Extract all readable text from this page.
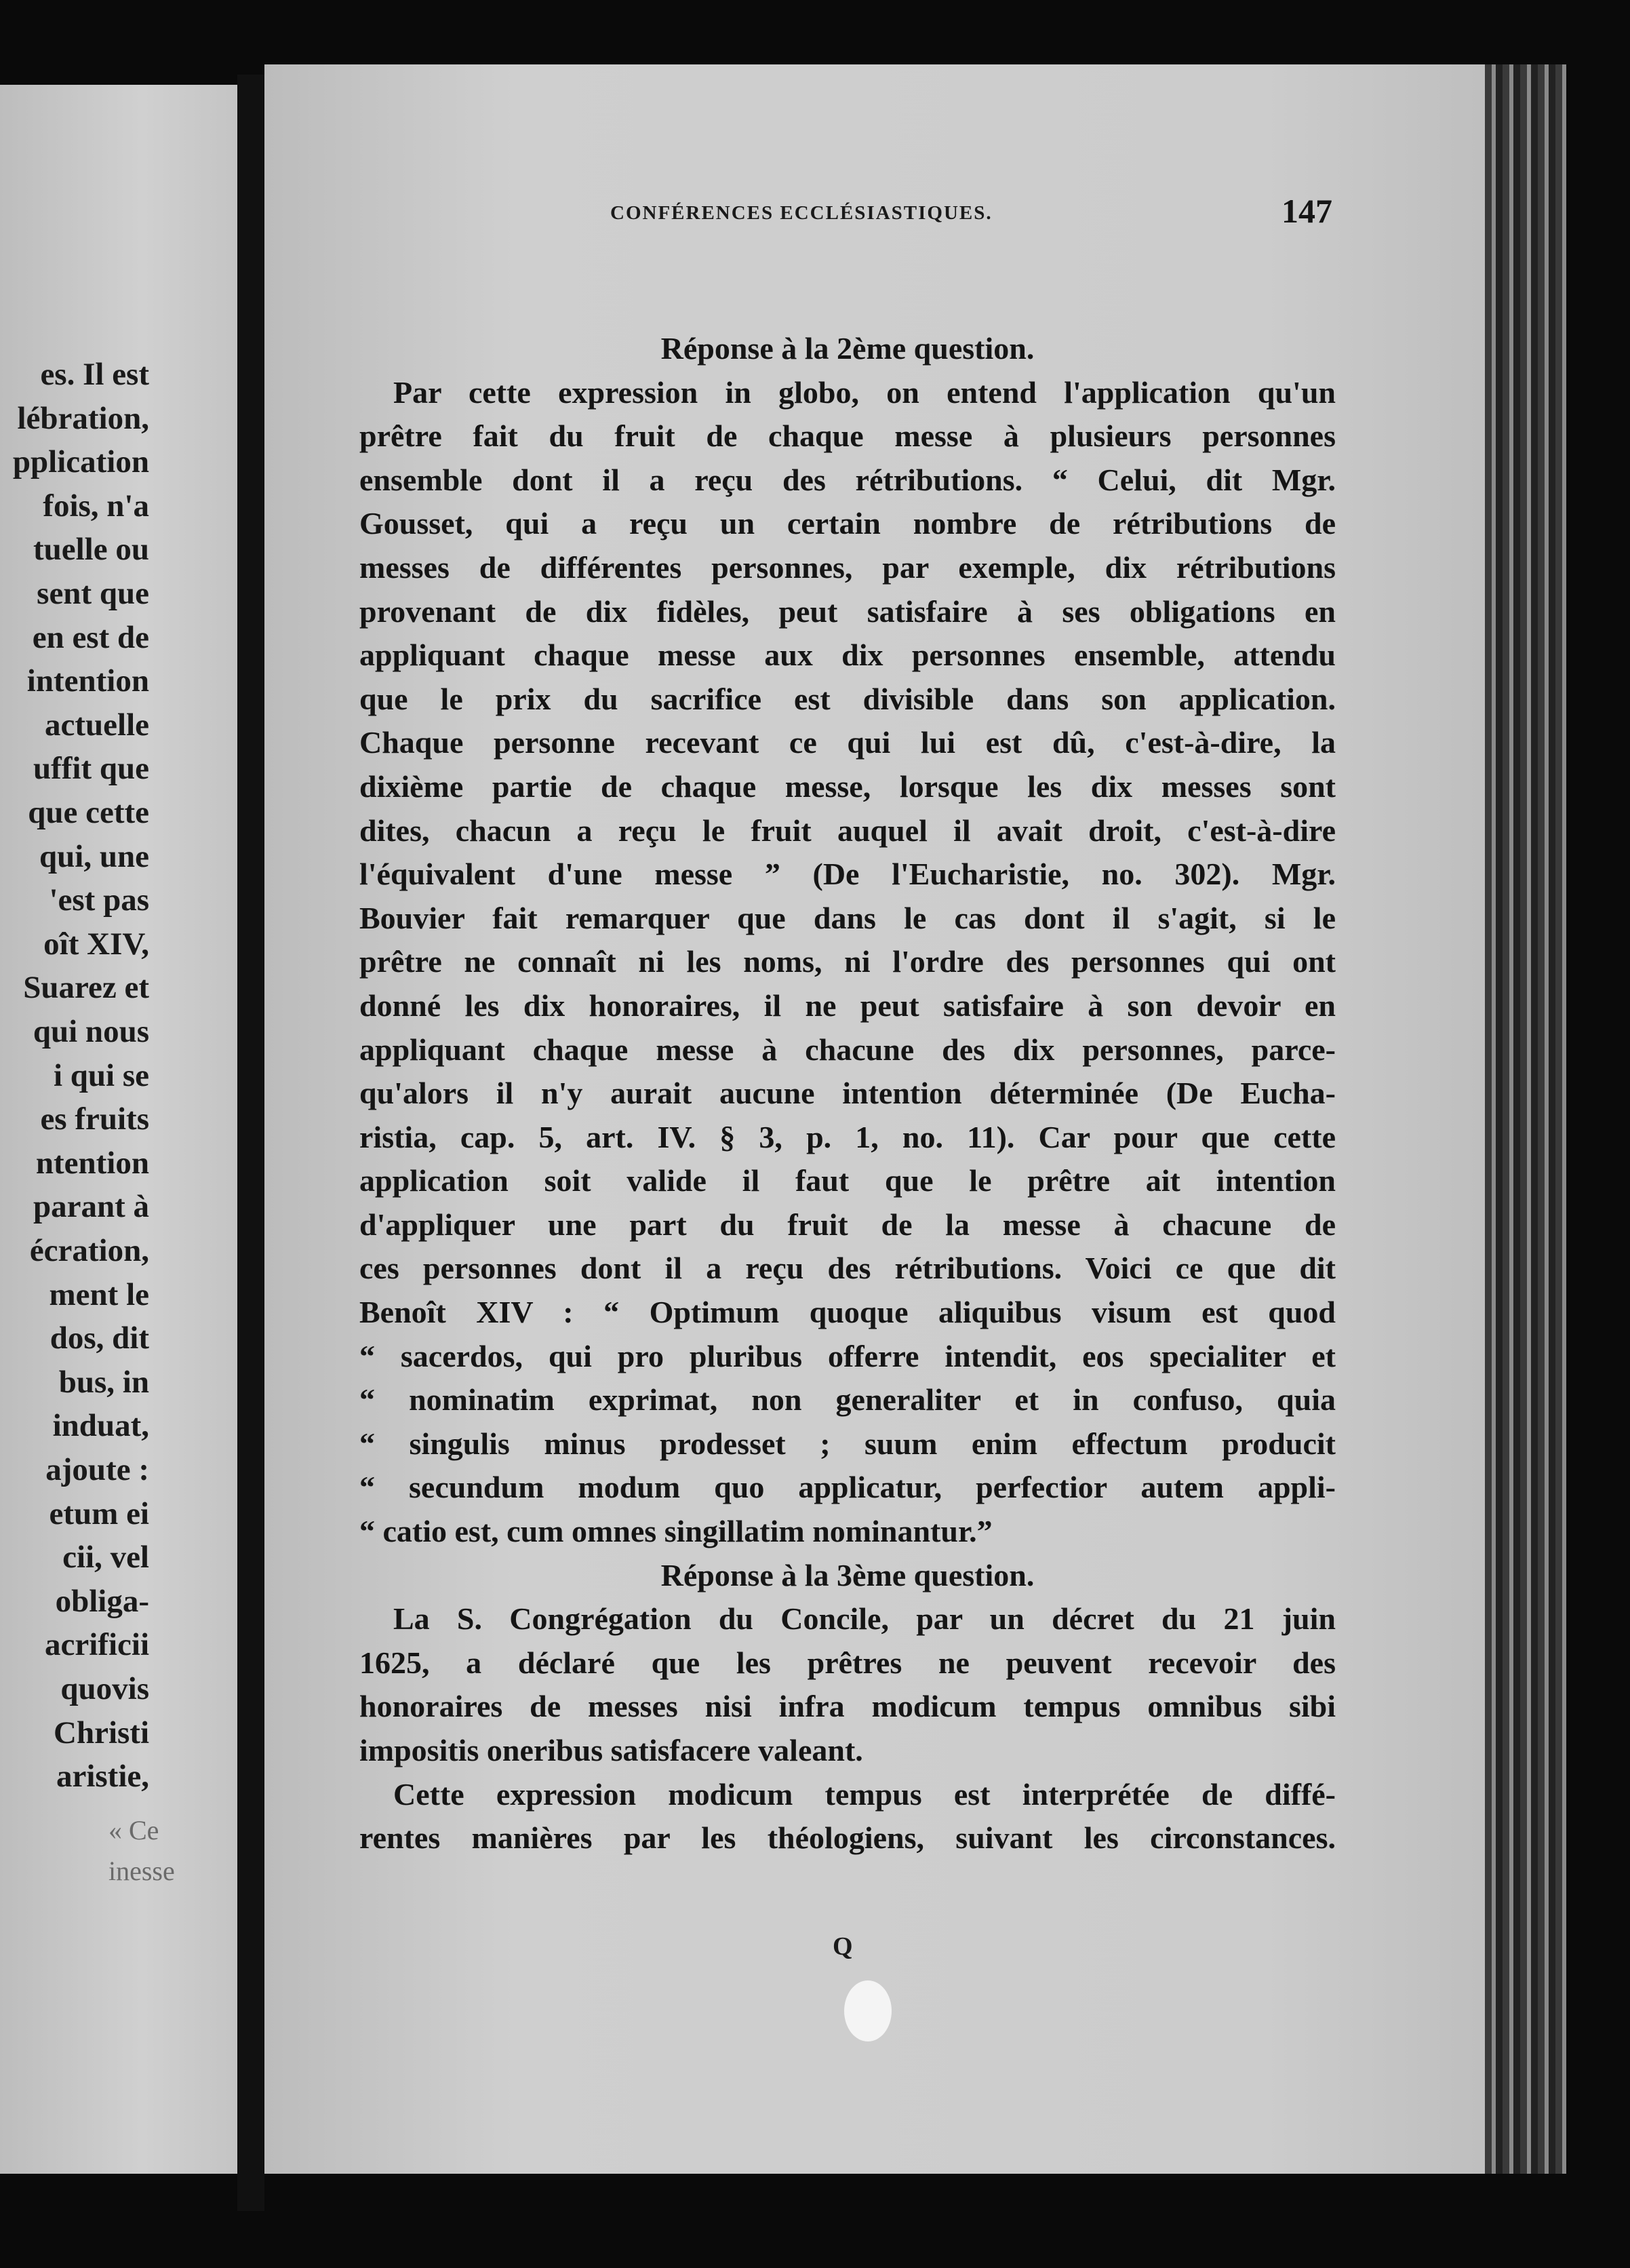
es. Il est
lébration,
pplication
fois, n'a
tuelle ou
sent que
en est de
intention
actuelle
uffit que
que cette
qui, une
'est pas
oît XIV,
Suarez et
qui nous
i qui se
es fruits
ntention
parant à
écration,
ment le
dos, dit
bus, in
induat,
ajoute :
etum ei
cii, vel
obliga-
acrificii
quovis
Christi
aristie,
« Ce
inesse
CONFÉRENCES ECCLÉSIASTIQUES.	147
Réponse à la 2ème question.
Par cette expression in globo, on entend l'application qu'un
prêtre fait du fruit de chaque messe à plusieurs personnes
ensemble dont il a reçu des rétributions. “ Celui, dit Mgr.
Gousset, qui a reçu un certain nombre de rétributions de
messes de différentes personnes, par exemple, dix rétributions
provenant de dix fidèles, peut satisfaire à ses obligations en
appliquant chaque messe aux dix personnes ensemble, attendu
que le prix du sacrifice est divisible dans son application.
Chaque personne recevant ce qui lui est dû, c'est-à-dire, la
dixième partie de chaque messe, lorsque les dix messes sont
dites, chacun a reçu le fruit auquel il avait droit, c'est-à-dire
l'équivalent d'une messe ” (De l'Eucharistie, no. 302). Mgr.
Bouvier fait remarquer que dans le cas dont il s'agit, si le
prêtre ne connaît ni les noms, ni l'ordre des personnes qui ont
donné les dix honoraires, il ne peut satisfaire à son devoir en
appliquant chaque messe à chacune des dix personnes, parce-
qu'alors il n'y aurait aucune intention déterminée (De Eucha-
ristia, cap. 5, art. IV. § 3, p. 1, no. 11). Car pour que cette
application soit valide il faut que le prêtre ait intention
d'appliquer une part du fruit de la messe à chacune de
ces personnes dont il a reçu des rétributions. Voici ce que dit
Benoît XIV : “ Optimum quoque aliquibus visum est quod
“ sacerdos, qui pro pluribus offerre intendit, eos specialiter et
“ nominatim exprimat, non generaliter et in confuso, quia
“ singulis minus prodesset ; suum enim effectum producit
“ secundum modum quo applicatur, perfectior autem appli-
“ catio est, cum omnes singillatim nominantur.”
Réponse à la 3ème question.
La S. Congrégation du Concile, par un décret du 21 juin
1625, a déclaré que les prêtres ne peuvent recevoir des
honoraires de messes nisi infra modicum tempus omnibus sibi
impositis oneribus satisfacere valeant.
Cette expression modicum tempus est interprétée de diffé-
rentes manières par les théologiens, suivant les circonstances.
Q
